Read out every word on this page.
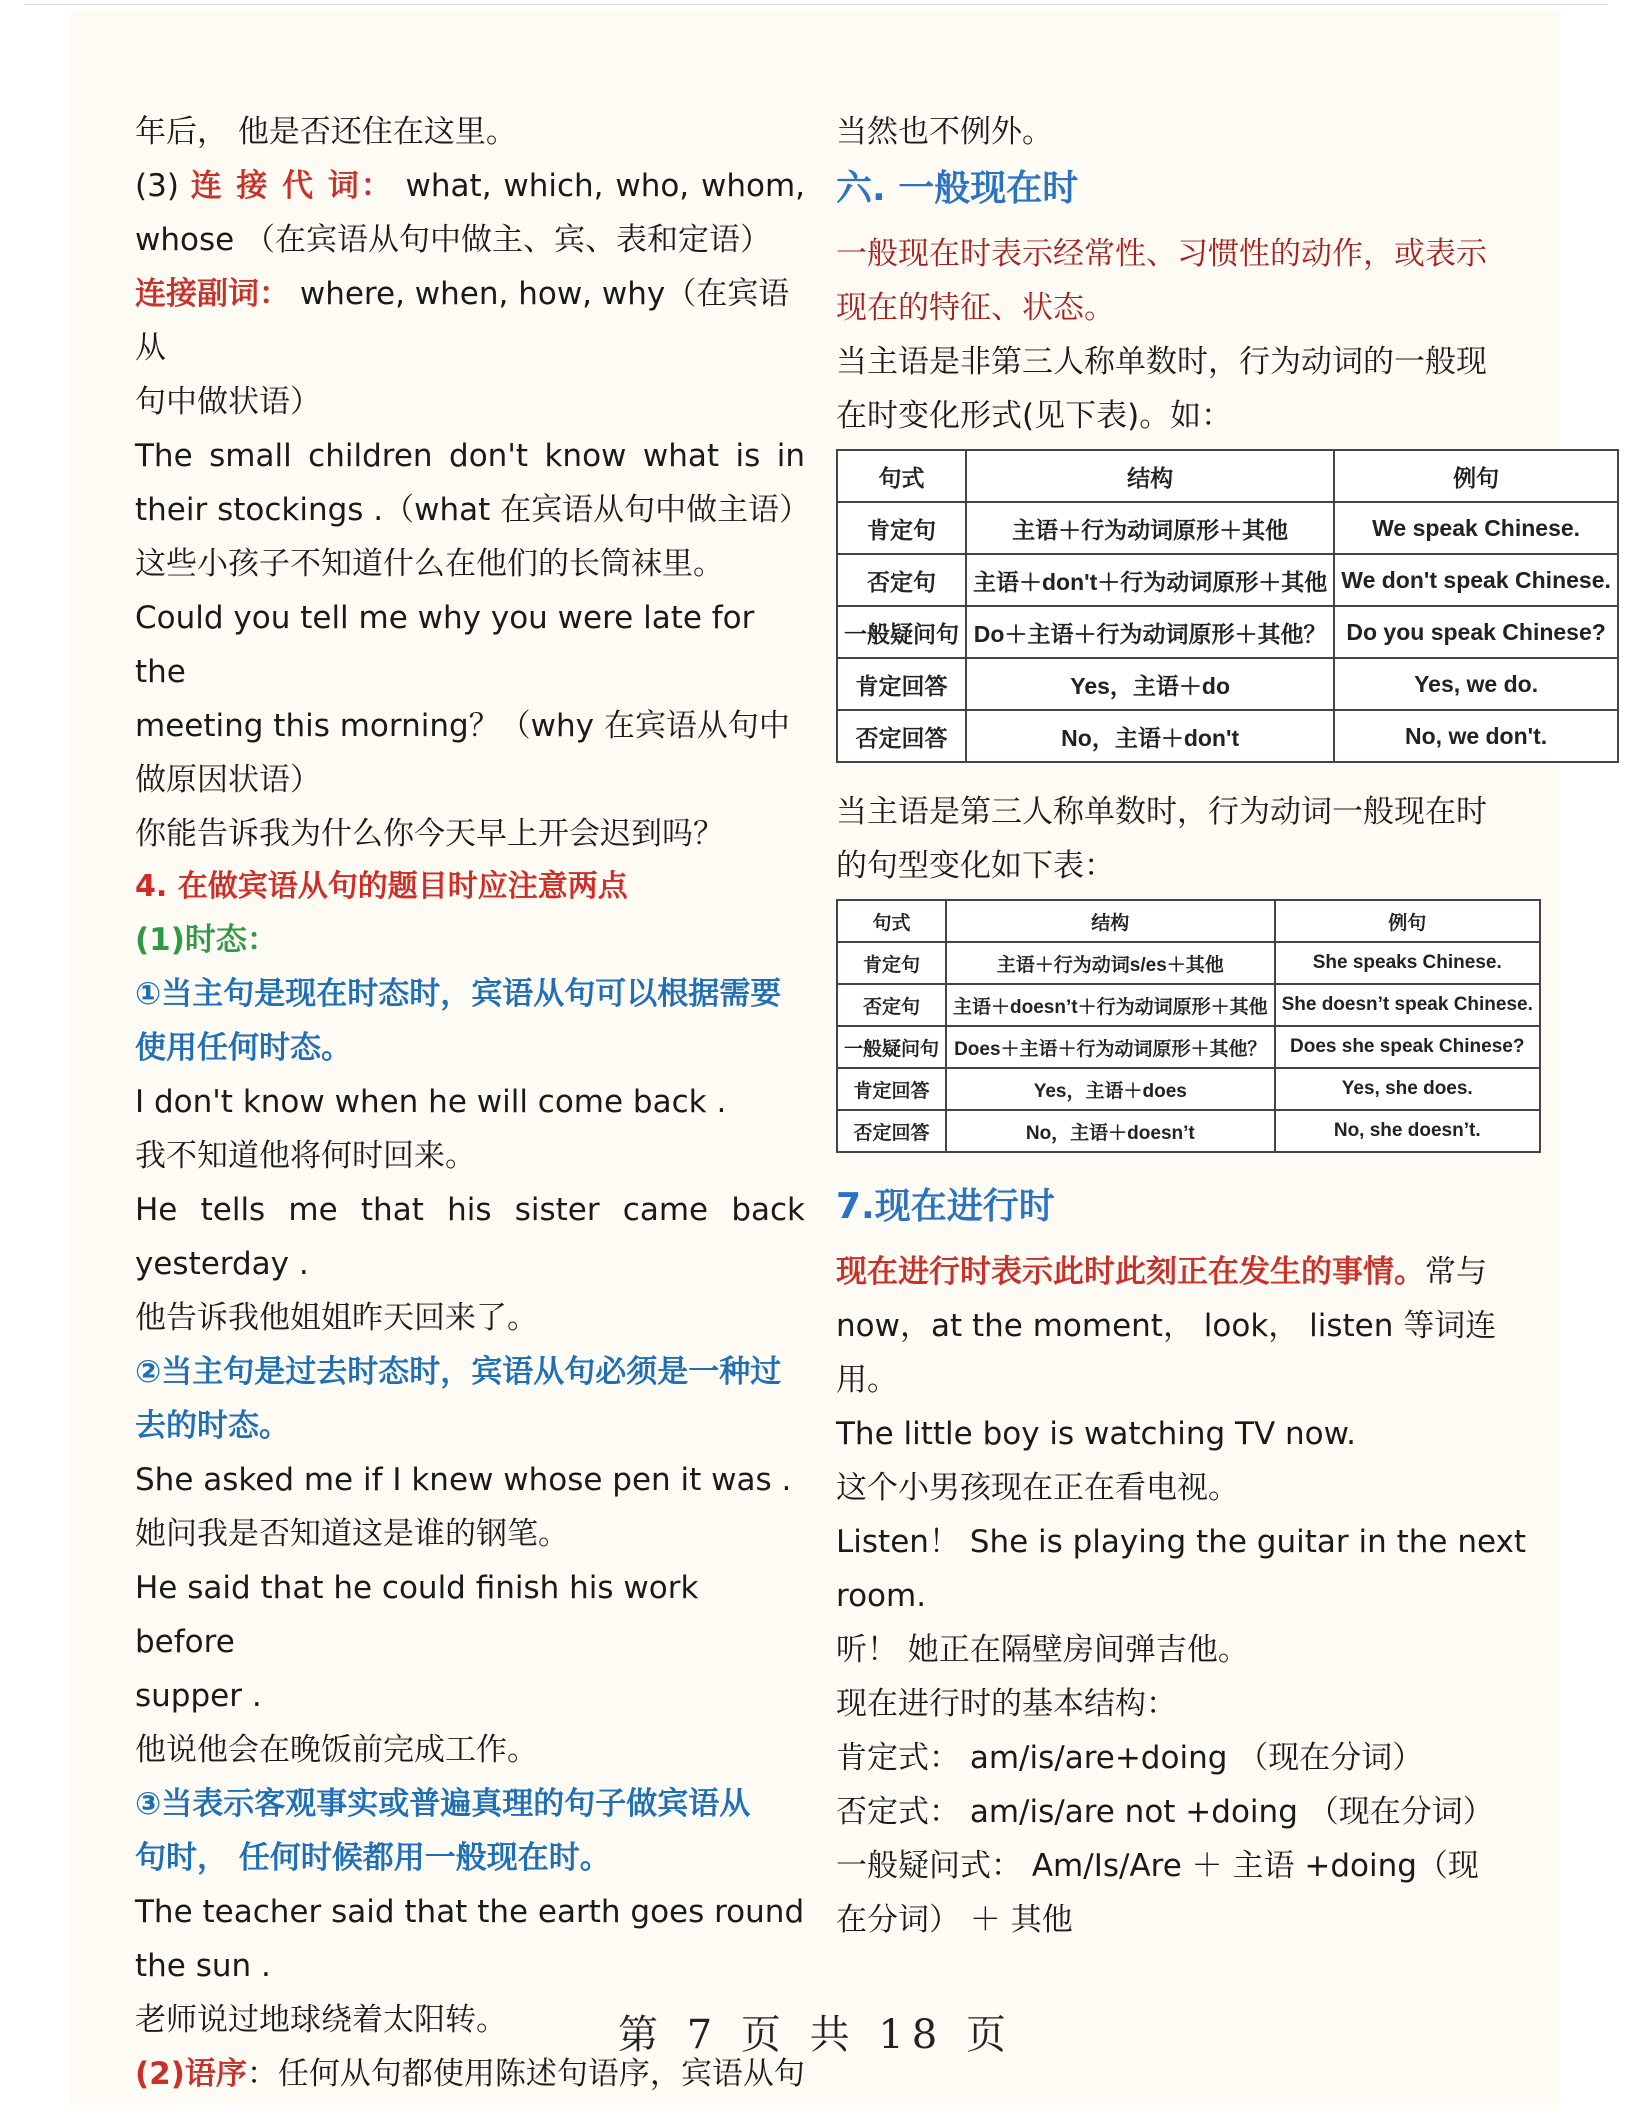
年后， 他是否还住在这里。

(3) 连 接 代 词： what, which, who, whom,

whose （在宾语从句中做主、宾、表和定语）

连接副词： where, when, how, why（在宾语从

句中做状语）

The small children don't know what is in

their stockings .（what 在宾语从句中做主语）

这些小孩子不知道什么在他们的长筒袜里。

Could you tell me why you were late for the

meeting this morning？（why 在宾语从句中

做原因状语）

你能告诉我为什么你今天早上开会迟到吗？

4. 在做宾语从句的题目时应注意两点

(1)时态：

①当主句是现在时态时，宾语从句可以根据需要

使用任何时态。

I don't know when he will come back .

我不知道他将何时回来。

He tells me that his sister came back

yesterday .

他告诉我他姐姐昨天回来了。

②当主句是过去时态时，宾语从句必须是一种过

去的时态。

She asked me if I knew whose pen it was .

她问我是否知道这是谁的钢笔。

He said that he could finish his work before

supper .

他说他会在晚饭前完成工作。

③当表示客观事实或普遍真理的句子做宾语从

句时， 任何时候都用一般现在时。

The teacher said that the earth goes round

the sun .

老师说过地球绕着太阳转。

(2)语序：任何从句都使用陈述句语序，宾语从句

当然也不例外。

六. 一般现在时

一般现在时表示经常性、习惯性的动作，或表示

现在的特征、状态。

当主语是非第三人称单数时，行为动词的一般现

在时变化形式(见下表)。如：

句式	结构	例句
肯定句	主语＋行为动词原形＋其他	We speak Chinese.
否定句	主语＋don't＋行为动词原形＋其他	We don't speak Chinese.
一般疑问句	Do＋主语＋行为动词原形＋其他？	Do you speak Chinese?
肯定回答	Yes，主语＋do	Yes, we do.
否定回答	No，主语＋don't	No, we don't.

当主语是第三人称单数时，行为动词一般现在时

的句型变化如下表：

句式	结构	例句
肯定句	主语＋行为动词s/es＋其他	She speaks Chinese.
否定句	主语＋doesn’t＋行为动词原形＋其他	She doesn’t speak Chinese.
一般疑问句	Does＋主语＋行为动词原形＋其他？	Does she speak Chinese?
肯定回答	Yes，主语＋does	Yes, she does.
否定回答	No，主语＋doesn’t	No, she doesn’t.

7.现在进行时

现在进行时表示此时此刻正在发生的事情。常与

now，at the moment， look， listen 等词连用。

The little boy is watching TV now.

这个小男孩现在正在看电视。

Listen！ She is playing the guitar in the next

room.

听！ 她正在隔壁房间弹吉他。

现在进行时的基本结构：

肯定式： am/is/are+doing （现在分词）

否定式： am/is/are not +doing （现在分词）

一般疑问式： Am/Is/Are ＋ 主语 +doing（现

在分词） ＋ 其他

第 7 页 共 18 页
